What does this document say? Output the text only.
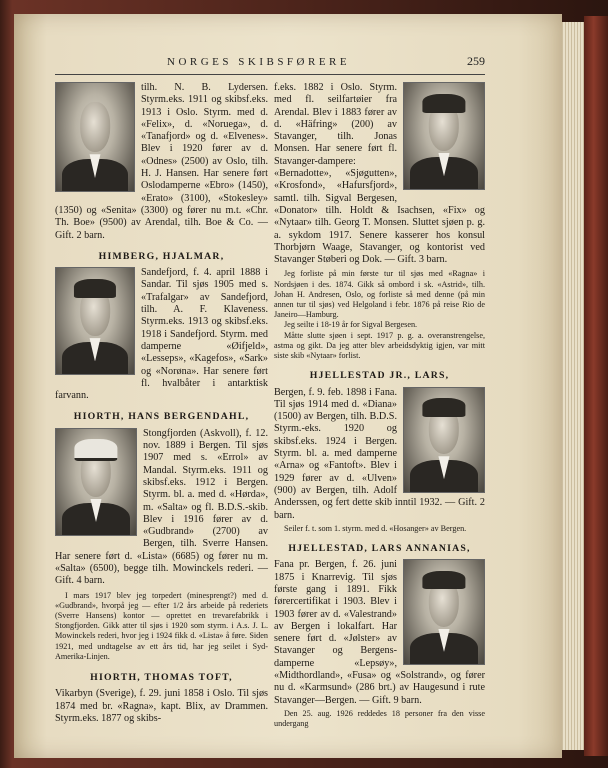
NORGES SKIBSFØRERE	259

tilh. N. B. Lydersen. Styrm.eks. 1911 og skibsf.eks. 1913 i Oslo. Styrm. med d. «Felix», d. «Noruega», d. «Tanafjord» og d. «Elvenes». Blev i 1920 fører av d. «Odnes» (2500) av Oslo, tilh. H. J. Hansen. Har senere ført Oslodamperne «Ebro» (1450), «Erato» (3100), «Stokesley» (1350) og «Senita» (3300) og fører nu m.t. «Chr. Th. Boe» (9500) av Arendal, tilh. Boe & Co. — Gift. 2 barn.

HIMBERG, HJALMAR,

Sandefjord, f. 4. april 1888 i Sandar. Til sjøs 1905 med s. «Trafalgar» av Sandefjord, tilh. A. F. Klaveness. Styrm.eks. 1913 og skibsf.eks. 1918 i Sandefjord. Styrm. med damperne «Øifjeld», «Lesseps», «Kagefos», «Sark» og «Norøna». Har senere ført fl. hvalbåter i antarktisk farvann.

HIORTH, HANS BERGENDAHL,

Stongfjorden (Askvoll), f. 12. nov. 1889 i Bergen. Til sjøs 1907 med s. «Errol» av Mandal. Styrm.eks. 1911 og skibsf.eks. 1912 i Bergen. Styrm. bl. a. med d. «Hørda», m. «Salta» og fl. B.D.S.-skib. Blev i 1916 fører av d. «Gudbrand» (2700) av Bergen, tilh. Sverre Hansen. Har senere ført d. «Lista» (6685) og fører nu m. «Salta» (6500), begge tilh. Mowinckels rederi. — Gift. 4 barn.

I mars 1917 blev jeg torpedert (minesprengt?) med d. «Gudbrand», hvorpå jeg — efter 1/2 års arbeide på rederiets (Sverre Hansens) kontor — oprettet en trevarefabrikk i Stongfjorden. Gikk atter til sjøs i 1920 som styrm. i A.s. J. L. Mowinckels rederi, hvor jeg i 1924 fikk d. «Lista» å føre. Siden 1921, med undtagelse av ett års tid, har jeg seilet i Syd-Amerika-Linjen.

HIORTH, THOMAS TOFT,

Vikarbyn (Sverige), f. 29. juni 1858 i Oslo. Til sjøs 1874 med br. «Ragna», kapt. Blix, av Drammen. Styrm.eks. 1877 og skibs-

f.eks. 1882 i Oslo. Styrm. med fl. seilfartøier fra Arendal. Blev i 1883 fører av d. «Häfring» (200) av Stavanger, tilh. Jonas Monsen. Har senere ført fl. Stavanger-dampere: «Bernadotte», «Sjøgutten», «Krosfond», «Hafursfjord», samtl. tilh. Sigval Bergesen, «Donator» tilh. Holdt & Isachsen, «Fix» og «Nytaar» tilh. Georg T. Monsen. Sluttet sjøen p. g. a. sykdom 1917. Senere kasserer hos konsul Thorbjørn Waage, Stavanger, og kontorist ved Stavanger Støberi og Dok. — Gift. 3 barn.

Jeg forliste på min første tur til sjøs med «Ragna» i Nordsjøen i des. 1874. Gikk så ombord i sk. «Astrid», tilh. Johan H. Andresen, Oslo, og forliste så med denne (på min annen tur til sjøs) ved Helgoland i febr. 1876 på reise Rio de Janeiro—Hamburg.

Jeg seilte i 18-19 år for Sigval Bergesen.

Måtte slutte sjøen i sept. 1917 p. g. a. overanstrengelse, astma og gikt. Da jeg atter blev arbeidsdyktig igjen, var mitt siste skib «Nytaar» forlist.

HJELLESTAD JR., LARS,

Bergen, f. 9. feb. 1898 i Fana. Til sjøs 1914 med d. «Diana» (1500) av Bergen, tilh. B.D.S. Styrm.-eks. 1920 og skibsf.eks. 1924 i Bergen. Styrm. bl. a. med damperne «Arna» og «Fantoft». Blev i 1929 fører av d. «Ulven» (900) av Bergen, tilh. Adolf Anderssen, og fert dette skib inntil 1932. — Gift. 2 barn.

Seiler f. t. som 1. styrm. med d. «Hosanger» av Bergen.

HJELLESTAD, LARS ANNANIAS,

Fana pr. Bergen, f. 26. juni 1875 i Knarrevig. Til sjøs første gang i 1891. Fikk førercertifikat i 1903. Blev i 1903 fører av d. «Valestrand» av Bergen i lokalfart. Har senere ført d. «Jølster» av Stavanger og Bergens-damperne «Lepsøy», «Midthordland», «Fusa» og «Solstrand», og fører nu d. «Karmsund» (286 brt.) av Haugesund i rute Stavanger—Bergen. — Gift. 9 barn.

Den 25. aug. 1926 reddedes 18 personer fra den visse undergang
